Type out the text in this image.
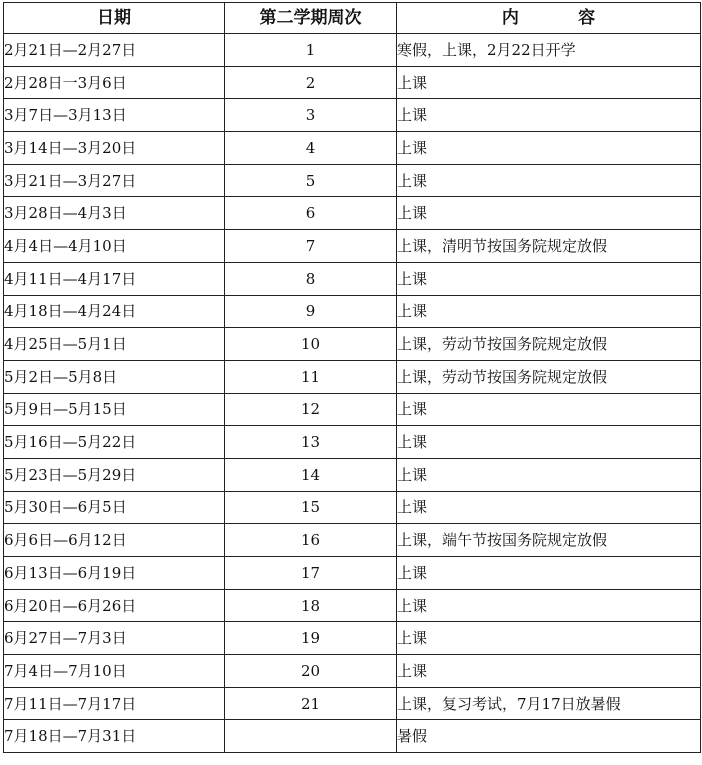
日期	第二学期周次	内          容
2月21日—2月27日	1	寒假，上课，2月22日开学
2月28日一3月6日	2	上课
3月7日—3月13日	3	上课
3月14日—3月20日	4	上课
3月21日—3月27日	5	上课
3月28日—4月3日	6	上课
4月4日—4月10日	7	上课，清明节按国务院规定放假
4月11日—4月17日	8	上课
4月18日—4月24日	9	上课
4月25日—5月1日	10	上课，劳动节按国务院规定放假
5月2日—5月8日	11	上课，劳动节按国务院规定放假
5月9日—5月15日	12	上课
5月16日—5月22日	13	上课
5月23日—5月29日	14	上课
5月30日—6月5日	15	上课
6月6日—6月12日	16	上课，端午节按国务院规定放假
6月13日—6月19日	17	上课
6月20日—6月26日	18	上课
6月27日—7月3日	19	上课
7月4日—7月10日	20	上课
7月11日—7月17日	21	上课，复习考试，7月17日放暑假
7月18日—7月31日		暑假
